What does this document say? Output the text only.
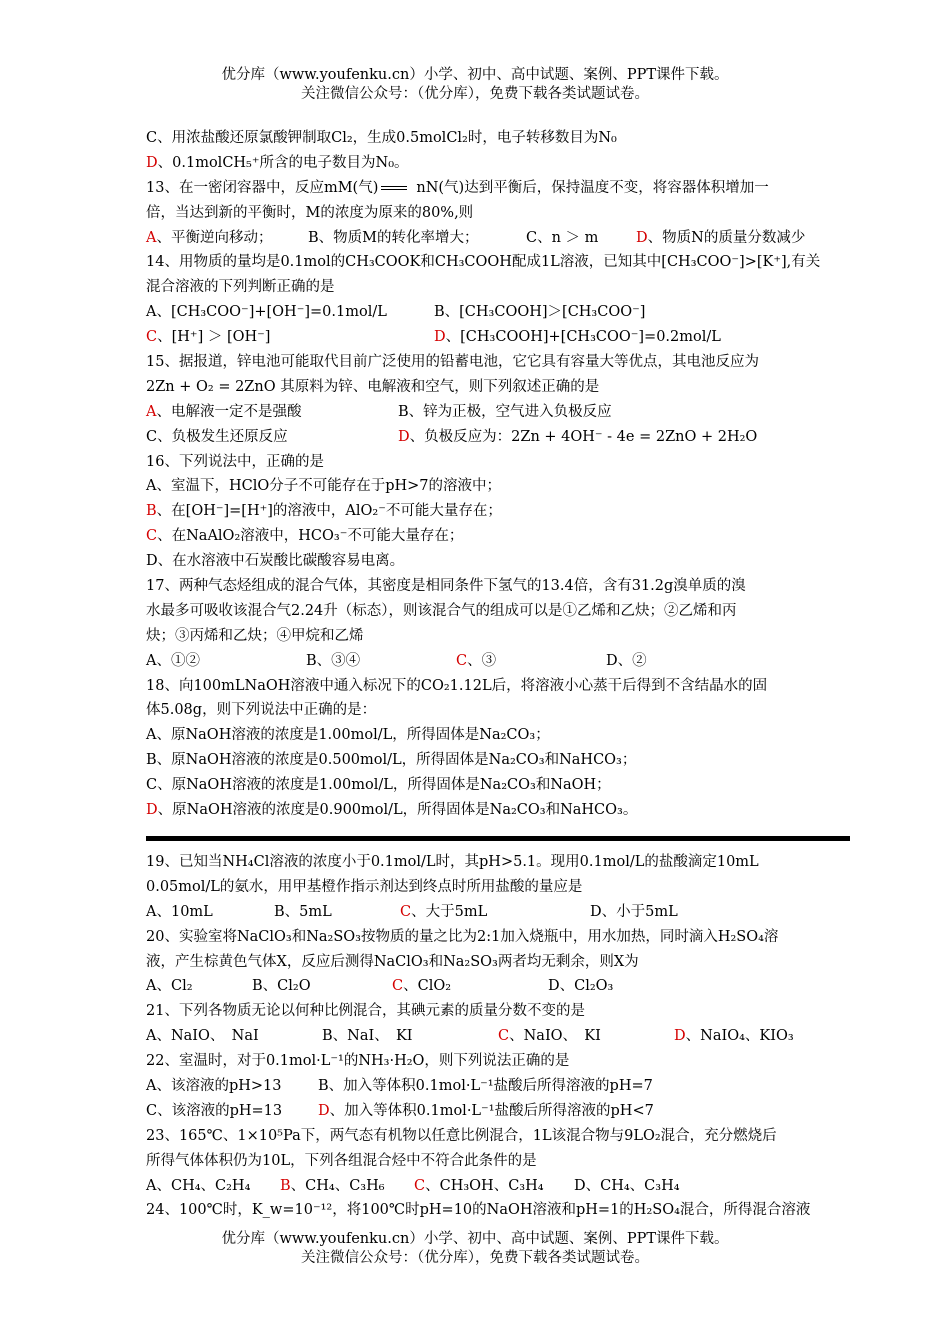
优分库（www.youfenku.cn）小学、初中、高中试题、案例、PPT课件下载。
关注微信公众号：（优分库），免费下载各类试题试卷。
C、用浓盐酸还原氯酸钾制取Cl₂，生成0.5molCl₂时，电子转移数目为N₀
D、0.1molCH₅⁺所含的电子数目为N₀。
13、在一密闭容器中，反应mM(气)	nN(气)达到平衡后，保持温度不变，将容器体积增加一
倍，当达到新的平衡时，M的浓度为原来的80%,则
A、平衡逆向移动； B、物质M的转化率增大；	C、n ＞ m	D、物质N的质量分数减少
14、用物质的量均是0.1mol的CH₃COOK和CH₃COOH配成1L溶液，已知其中[CH₃COO⁻]>[K⁺],有关
混合溶液的下列判断正确的是
A、[CH₃COO⁻]+[OH⁻]=0.1mol/L	B、[CH₃COOH]＞[CH₃COO⁻]
C、[H⁺] ＞ [OH⁻]	D、[CH₃COOH]+[CH₃COO⁻]=0.2mol/L
15、据报道，锌电池可能取代目前广泛使用的铅蓄电池，它它具有容量大等优点，其电池反应为
2Zn + O₂ = 2ZnO 其原料为锌、电解液和空气，则下列叙述正确的是
A、电解液一定不是强酸	B、锌为正极，空气进入负极反应
C、负极发生还原反应	D、负极反应为：2Zn + 4OH⁻ - 4e = 2ZnO + 2H₂O
16、下列说法中，正确的是
A、室温下，HClO分子不可能存在于pH>7的溶液中；
B、在[OH⁻]=[H⁺]的溶液中，AlO₂⁻不可能大量存在；
C、在NaAlO₂溶液中，HCO₃⁻不可能大量存在；
D、在水溶液中石炭酸比碳酸容易电离。
17、两种气态烃组成的混合气体，其密度是相同条件下氢气的13.4倍，含有31.2g溴单质的溴
水最多可吸收该混合气2.24升（标态），则该混合气的组成可以是①乙烯和乙炔；②乙烯和丙
炔；③丙烯和乙炔；④甲烷和乙烯
A、①②	B、③④	C、③	D、②
18、向100mLNaOH溶液中通入标况下的CO₂1.12L后，将溶液小心蒸干后得到不含结晶水的固
体5.08g，则下列说法中正确的是：
A、原NaOH溶液的浓度是1.00mol/L，所得固体是Na₂CO₃；
B、原NaOH溶液的浓度是0.500mol/L，所得固体是Na₂CO₃和NaHCO₃；
C、原NaOH溶液的浓度是1.00mol/L，所得固体是Na₂CO₃和NaOH；
D、原NaOH溶液的浓度是0.900mol/L，所得固体是Na₂CO₃和NaHCO₃。
19、已知当NH₄Cl溶液的浓度小于0.1mol/L时，其pH>5.1。现用0.1mol/L的盐酸滴定10mL
0.05mol/L的氨水，用甲基橙作指示剂达到终点时所用盐酸的量应是
A、10mL	B、5mL	C、大于5mL	D、小于5mL
20、实验室将NaClO₃和Na₂SO₃按物质的量之比为2:1加入烧瓶中，用水加热，同时滴入H₂SO₄溶
液，产生棕黄色气体X，反应后测得NaClO₃和Na₂SO₃两者均无剩余，则X为
A、Cl₂	B、Cl₂O	C、ClO₂	D、Cl₂O₃
21、下列各物质无论以何种比例混合，其碘元素的质量分数不变的是
A、NaIO、　NaI	B、NaI、　KI	C、NaIO、　KI	D、NaIO₄、KIO₃
22、室温时，对于0.1mol·L⁻¹的NH₃·H₂O，则下列说法正确的是
A、该溶液的pH>13	B、加入等体积0.1mol·L⁻¹盐酸后所得溶液的pH=7
C、该溶液的pH=13 D、加入等体积0.1mol·L⁻¹盐酸后所得溶液的pH<7
23、165℃、1×10⁵Pa下，两气态有机物以任意比例混合，1L该混合物与9LO₂混合，充分燃烧后
所得气体体积仍为10L，下列各组混合烃中不符合此条件的是
A、CH₄、C₂H₄ B、CH₄、C₃H₆ C、CH₃OH、C₃H₄ D、CH₄、C₃H₄
24、100℃时，K_w=10⁻¹²，将100℃时pH=10的NaOH溶液和pH=1的H₂SO₄混合，所得混合溶液
优分库（www.youfenku.cn）小学、初中、高中试题、案例、PPT课件下载。
关注微信公众号：（优分库），免费下载各类试题试卷。
